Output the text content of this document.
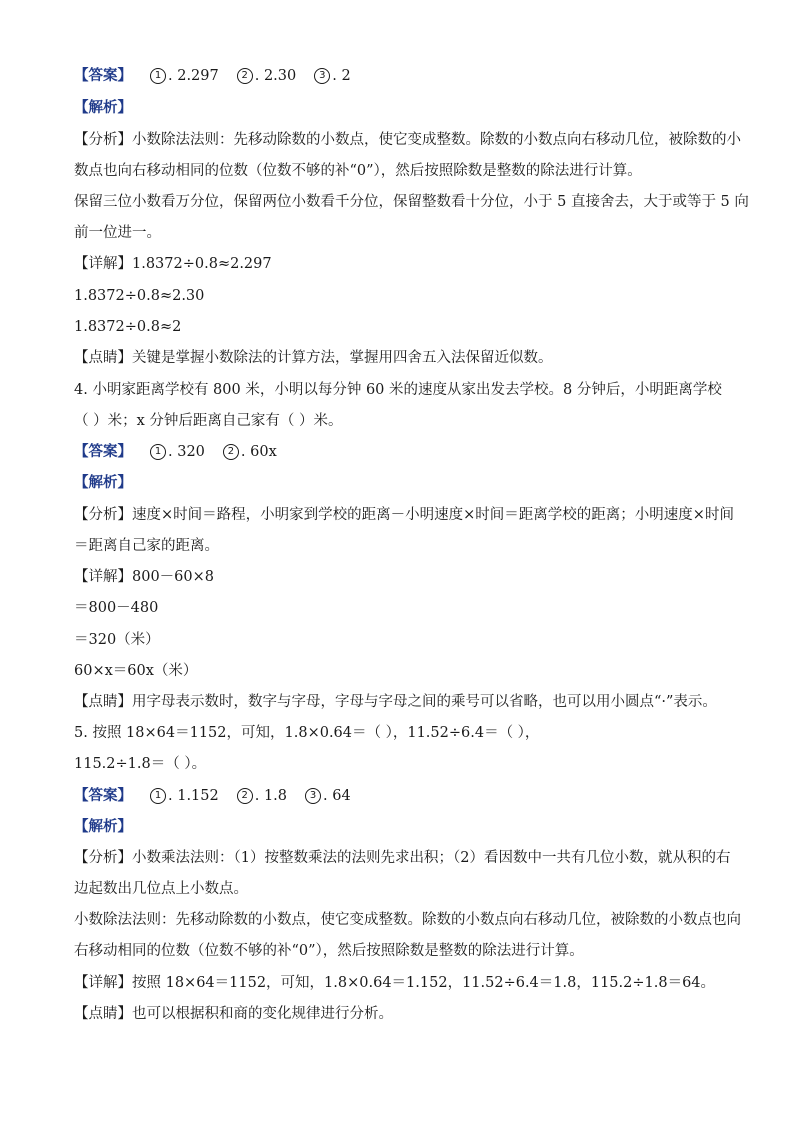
【答案】 1 . 2.297 2 . 2.30 3 . 2
【解析】
【分析】小数除法法则：先移动除数的小数点，使它变成整数。除数的小数点向右移动几位，被除数的小
数点也向右移动相同的位数（位数不够的补“0”），然后按照除数是整数的除法进行计算。
保留三位小数看万分位，保留两位小数看千分位，保留整数看十分位，小于 5 直接舍去，大于或等于 5 向
前一位进一。
【详解】1.8372÷0.8≈2.297
1.8372÷0.8≈2.30
1.8372÷0.8≈2
【点睛】关键是掌握小数除法的计算方法，掌握用四舍五入法保留近似数。
4. 小明家距离学校有 800 米，小明以每分钟 60 米的速度从家出发去学校。8 分钟后，小明距离学校
（ ）米；x 分钟后距离自己家有（ ）米。
【答案】 1 . 320 2 . 60x
【解析】
【分析】速度×时间＝路程，小明家到学校的距离－小明速度×时间＝距离学校的距离；小明速度×时间
＝距离自己家的距离。
【详解】800－60×8
＝800－480
＝320（米）
60×x＝60x（米）
【点睛】用字母表示数时，数字与字母，字母与字母之间的乘号可以省略，也可以用小圆点“·”表示。
5. 按照 18×64＝1152，可知，1.8×0.64＝（ ），11.52÷6.4＝（ ），
115.2÷1.8＝（ ）。
【答案】 1 . 1.152 2 . 1.8 3 . 64
【解析】
【分析】小数乘法法则：（1）按整数乘法的法则先求出积；（2）看因数中一共有几位小数，就从积的右
边起数出几位点上小数点。
小数除法法则：先移动除数的小数点，使它变成整数。除数的小数点向右移动几位，被除数的小数点也向
右移动相同的位数（位数不够的补“0”），然后按照除数是整数的除法进行计算。
【详解】按照 18×64＝1152，可知，1.8×0.64＝1.152，11.52÷6.4＝1.8，115.2÷1.8＝64。
【点睛】也可以根据积和商的变化规律进行分析。
